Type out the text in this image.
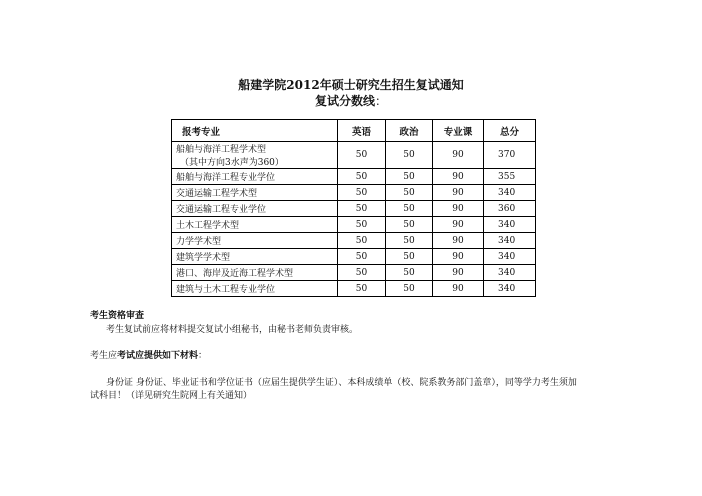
船建学院2012年硕士研究生招生复试通知
复试分数线：
报考专业	英语	政治	专业课	总分
船舶与海洋工程学术型
（其中方向3水声为360）	50	50	90	370
船舶与海洋工程专业学位	50	50	90	355
交通运输工程学术型	50	50	90	340
交通运输工程专业学位	50	50	90	360
土木工程学术型	50	50	90	340
力学学术型	50	50	90	340
建筑学学术型	50	50	90	340
港口、海岸及近海工程学术型	50	50	90	340
建筑与土木工程专业学位	50	50	90	340
考生资格审查
考生复试前应将材料提交复试小组秘书，由秘书老师负责审核。
考生应考试应提供如下材料：
身份证 身份证、毕业证书和学位证书（应届生提供学生证）、本科成绩单（校、院系教务部门盖章），同等学力考生须加
试科目！（详见研究生院网上有关通知）
